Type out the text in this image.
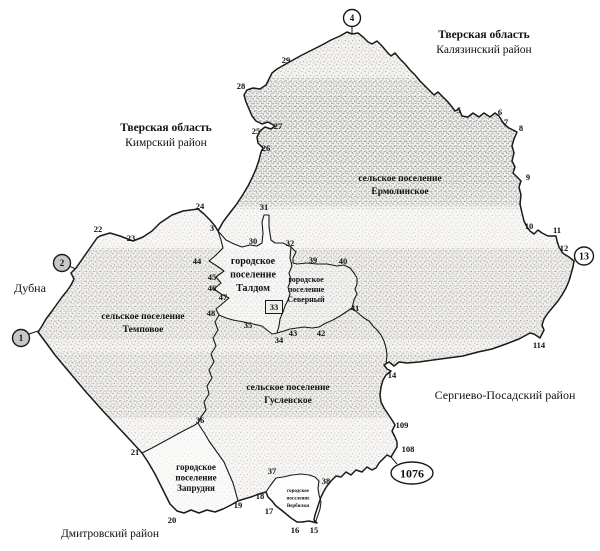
Тверская область
Кимрский район
Тверская область
Калязинский район
Дубна
Дмитровский район
Сергиево-Посадский район
сельское поселение
Ермолинское
городское
поселение
Талдом
городское
поселение
Северный
сельское поселение
Темповое
сельское поселение
Гуслевское
городское
поселение
Запрудня	городское
поселение
Вербилки
3
5	6
7
8
9
10 11
12
14
15
16
17
18
19
20
21
22
23
24
25
26
27
28
29
30
31
32
34
35
36
37
38
39	40
41
42
43
44
45
46
47
48
108
109
114
33
1
2
4
13
1076
